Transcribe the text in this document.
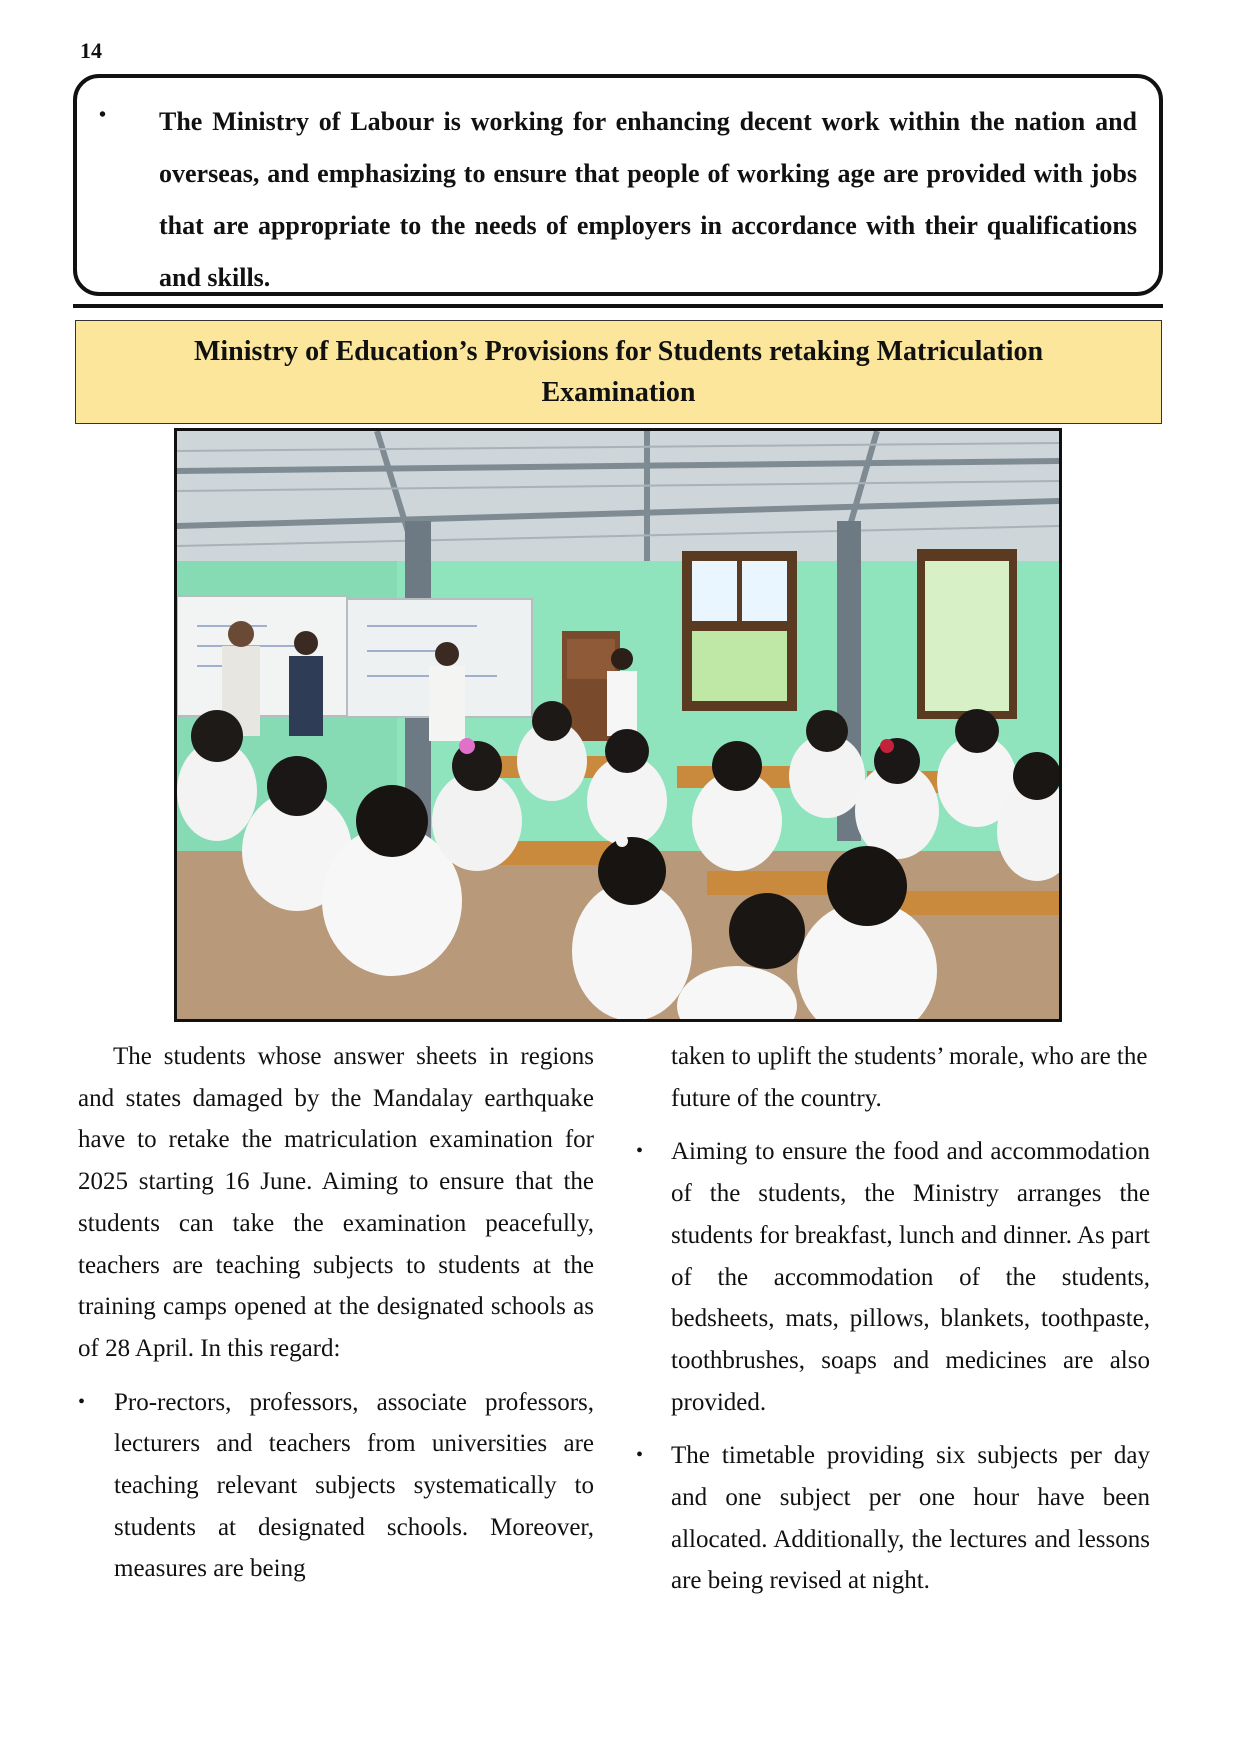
14
•	The Ministry of Labour is working for enhancing decent work within the nation and overseas, and emphasizing to ensure that people of working age are provided with jobs that are appropriate to the needs of employers in accordance with their qualifications and skills.

Ministry of Education’s Provisions for Students retaking Matriculation
Examination

The students whose answer sheets in regions and states damaged by the Mandalay earthquake have to retake the matriculation examination for 2025 starting 16 June. Aiming to ensure that the students can take the examination peacefully, teachers are teaching subjects to students at the training camps opened at the designated schools as of 28 April. In this regard:

• Pro-rectors, professors, associate professors, lecturers and teachers from universities are teaching relevant subjects systematically to students at designated schools. Moreover, measures are being

taken to uplift the students’ morale, who are the future of the country.

• Aiming to ensure the food and accommodation of the students, the Ministry arranges the students for breakfast, lunch and dinner. As part of the accommodation of the students, bedsheets, mats, pillows, blankets, toothpaste, toothbrushes, soaps and medicines are also provided.
• The timetable providing six subjects per day and one subject per one hour have been allocated. Additionally, the lectures and lessons are being revised at night.
